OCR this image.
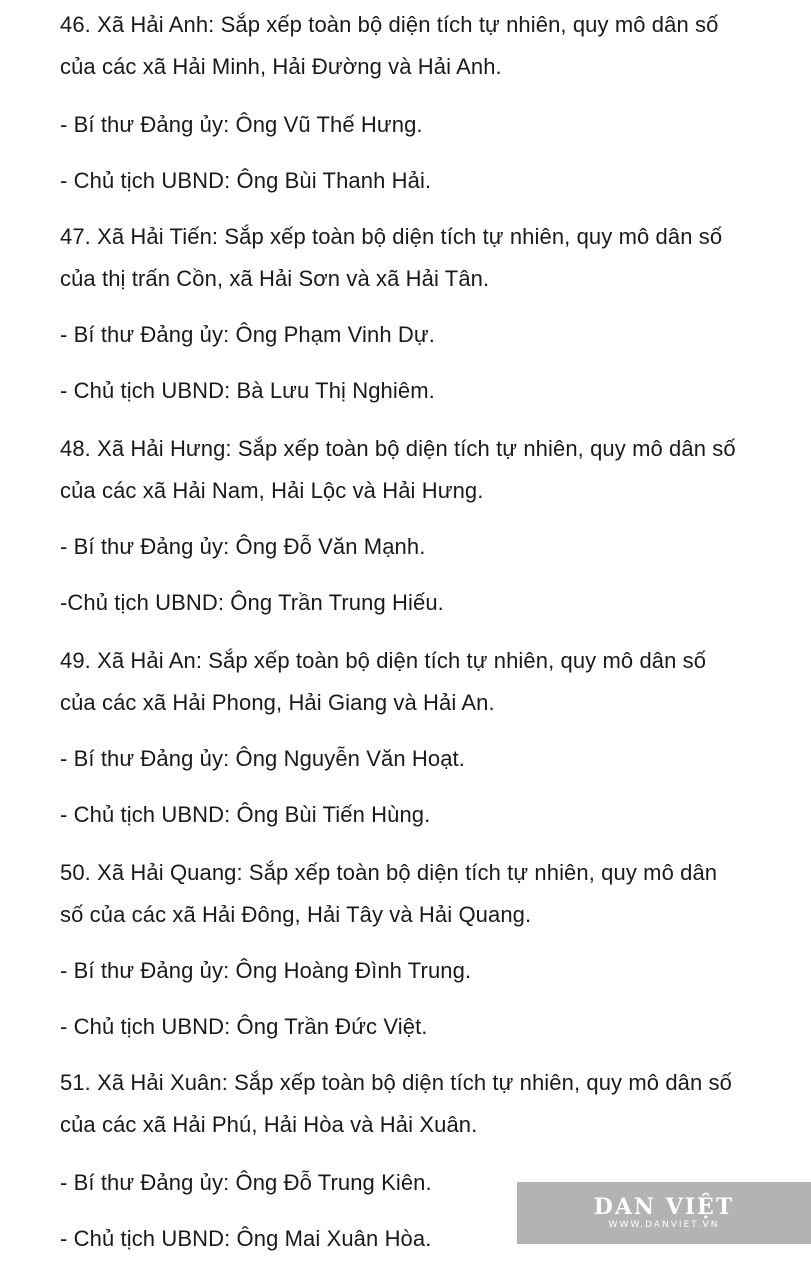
46. Xã Hải Anh: Sắp xếp toàn bộ diện tích tự nhiên, quy mô dân số
của các xã Hải Minh, Hải Đường và Hải Anh.
- Bí thư Đảng ủy: Ông Vũ Thế Hưng.
- Chủ tịch UBND: Ông Bùi Thanh Hải.
47. Xã Hải Tiến: Sắp xếp toàn bộ diện tích tự nhiên, quy mô dân số
của thị trấn Cồn, xã Hải Sơn và xã Hải Tân.
- Bí thư Đảng ủy: Ông Phạm Vinh Dự.
- Chủ tịch UBND: Bà Lưu Thị Nghiêm.
48. Xã Hải Hưng: Sắp xếp toàn bộ diện tích tự nhiên, quy mô dân số
của các xã Hải Nam, Hải Lộc và Hải Hưng.
- Bí thư Đảng ủy: Ông Đỗ Văn Mạnh.
-Chủ tịch UBND: Ông Trần Trung Hiếu.
49. Xã Hải An: Sắp xếp toàn bộ diện tích tự nhiên, quy mô dân số
của các xã Hải Phong, Hải Giang và Hải An.
- Bí thư Đảng ủy: Ông Nguyễn Văn Hoạt.
- Chủ tịch UBND: Ông Bùi Tiến Hùng.
50. Xã Hải Quang: Sắp xếp toàn bộ diện tích tự nhiên, quy mô dân
số của các xã Hải Đông, Hải Tây và Hải Quang.
- Bí thư Đảng ủy: Ông Hoàng Đình Trung.
- Chủ tịch UBND: Ông Trần Đức Việt.
51. Xã Hải Xuân: Sắp xếp toàn bộ diện tích tự nhiên, quy mô dân số
của các xã Hải Phú, Hải Hòa và Hải Xuân.
- Bí thư Đảng ủy: Ông Đỗ Trung Kiên.
- Chủ tịch UBND: Ông Mai Xuân Hòa.
DAN VIỆT
WWW.DANVIET.VN
